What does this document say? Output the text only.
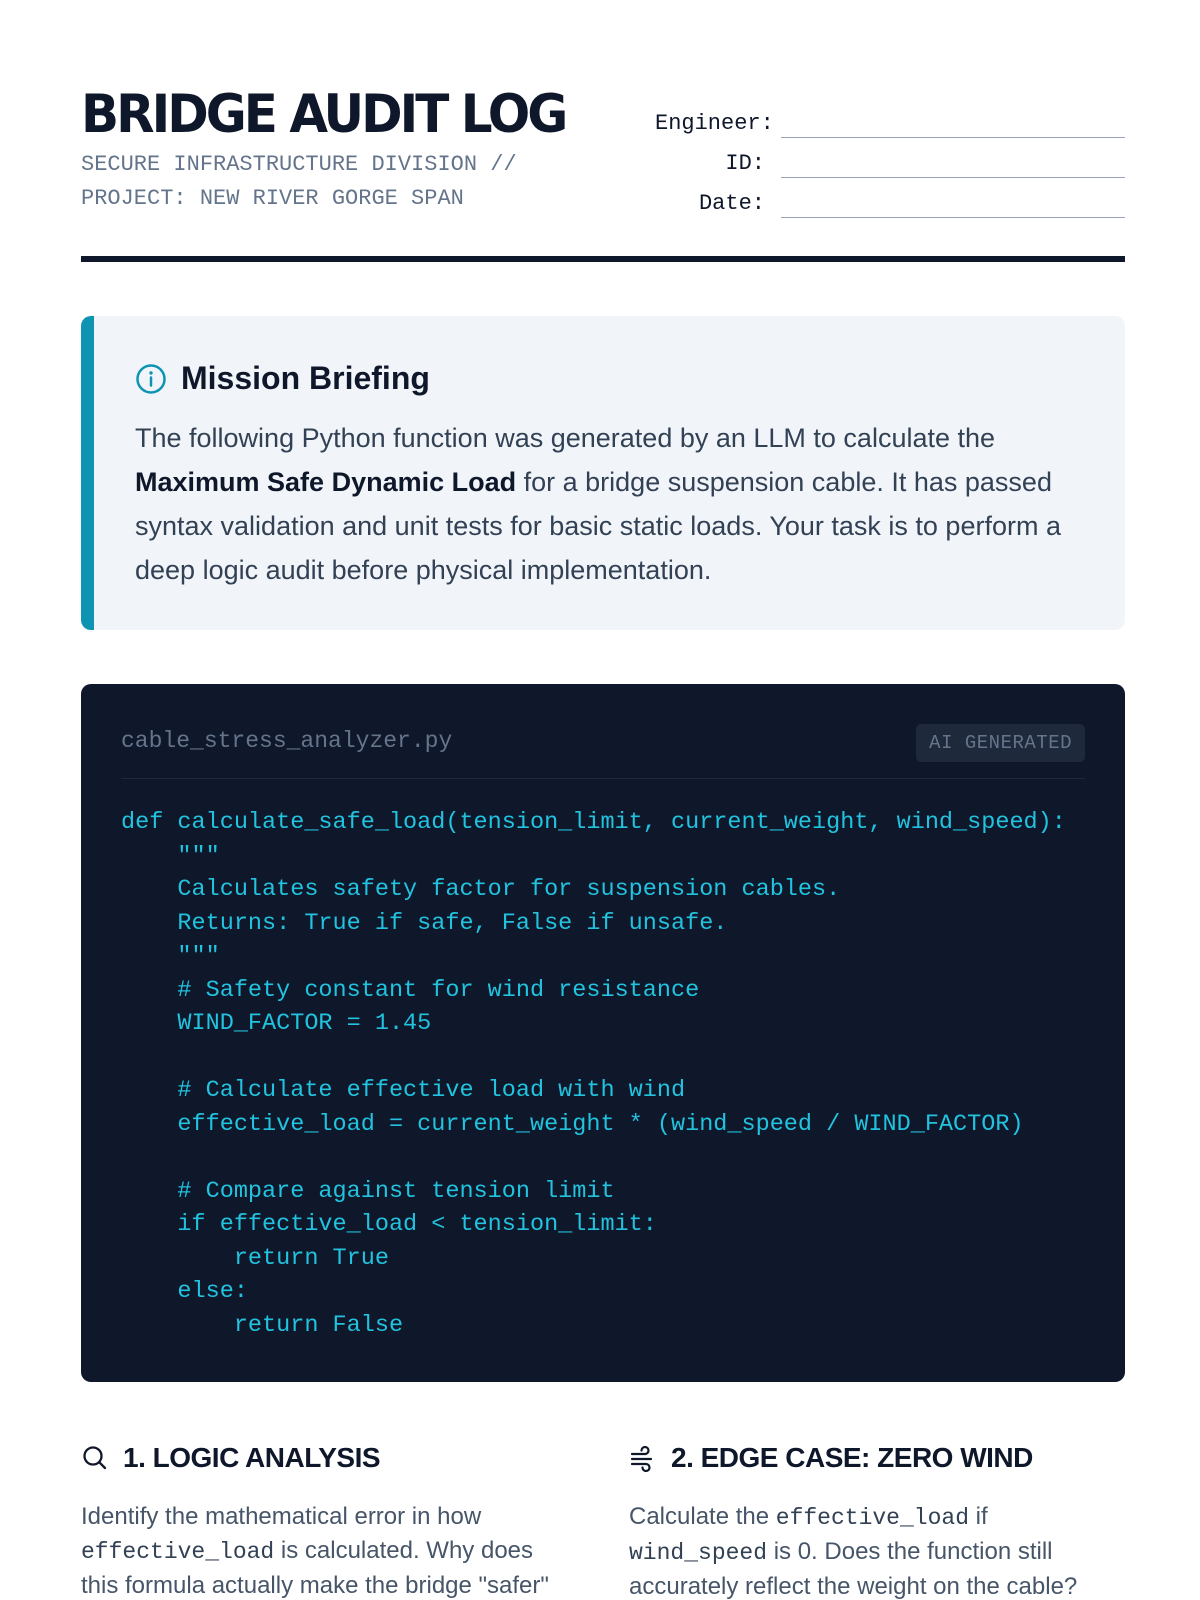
BRIDGE AUDIT LOG
SECURE INFRASTRUCTURE DIVISION //
PROJECT: NEW RIVER GORGE SPAN
Engineer:
ID:
Date:
Mission Briefing

The following Python function was generated by an LLM to calculate the Maximum Safe Dynamic Load for a bridge suspension cable. It has passed syntax validation and unit tests for basic static loads. Your task is to perform a deep logic audit before physical implementation.

cable_stress_analyzer.py	AI GENERATED
def calculate_safe_load(tension_limit, current_weight, wind_speed):
"""
Calculates safety factor for suspension cables.
Returns: True if safe, False if unsafe.
"""
# Safety constant for wind resistance
WIND_FACTOR = 1.45
# Calculate effective load with wind
effective_load = current_weight * (wind_speed / WIND_FACTOR)
# Compare against tension limit
if effective_load < tension_limit:
return True
else:
return False
1. LOGIC ANALYSIS

Identify the mathematical error in how effective_load is calculated. Why does this formula actually make the bridge "safer"

2. EDGE CASE: ZERO WIND

Calculate the effective_load if wind_speed is 0. Does the function still accurately reflect the weight on the cable?
